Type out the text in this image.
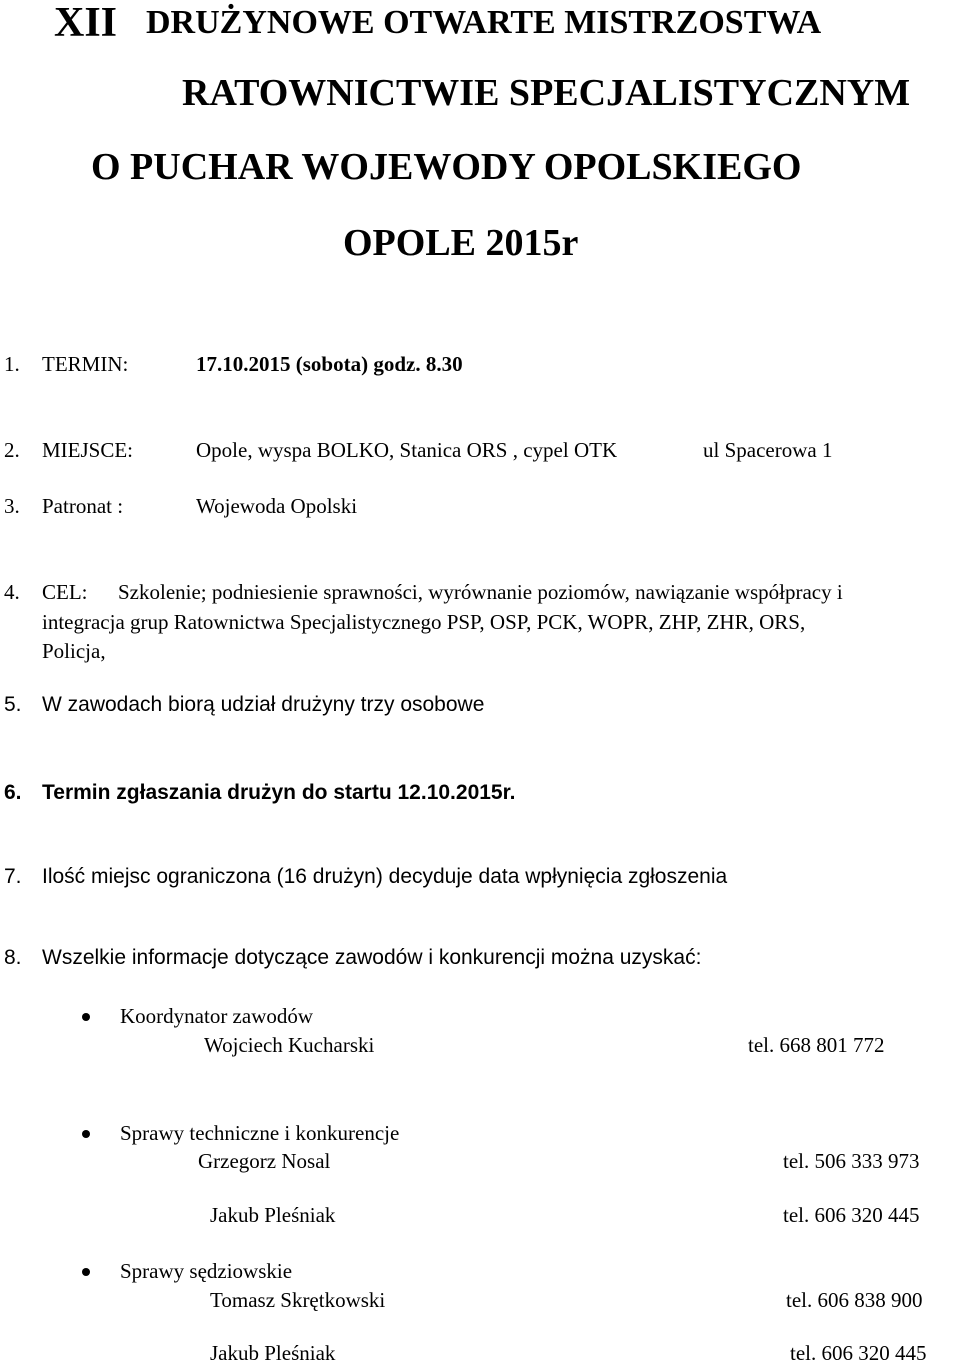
XII DRUŻYNOWE OTWARTE MISTRZOSTWA
RATOWNICTWIE SPECJALISTYCZNYM
O PUCHAR WOJEWODY OPOLSKIEGO
OPOLE 2015r
1. TERMIN:	17.10.2015 (sobota) godz. 8.30
2. MIEJSCE:	Opole, wyspa BOLKO, Stanica ORS , cypel OTK	ul Spacerowa 1
3. Patronat :	Wojewoda Opolski
4. CEL: Szkolenie; podniesienie sprawności, wyrównanie poziomów, nawiązanie współpracy i
integracja grup Ratownictwa Specjalistycznego PSP, OSP, PCK, WOPR, ZHP, ZHR, ORS,
Policja,
5. W zawodach biorą udział drużyny trzy osobowe
6. Termin zgłaszania drużyn do startu 12.10.2015r.
7. Ilość miejsc ograniczona (16 drużyn) decyduje data wpłynięcia zgłoszenia
8. Wszelkie informacje dotyczące zawodów i konkurencji można uzyskać:
Koordynator zawodów
Wojciech Kucharski	tel. 668 801 772
Sprawy techniczne i konkurencje
Grzegorz Nosal	tel. 506 333 973
Jakub Pleśniak	tel. 606 320 445
Sprawy sędziowskie
Tomasz Skrętkowski	tel. 606 838 900
Jakub Pleśniak	tel. 606 320 445
